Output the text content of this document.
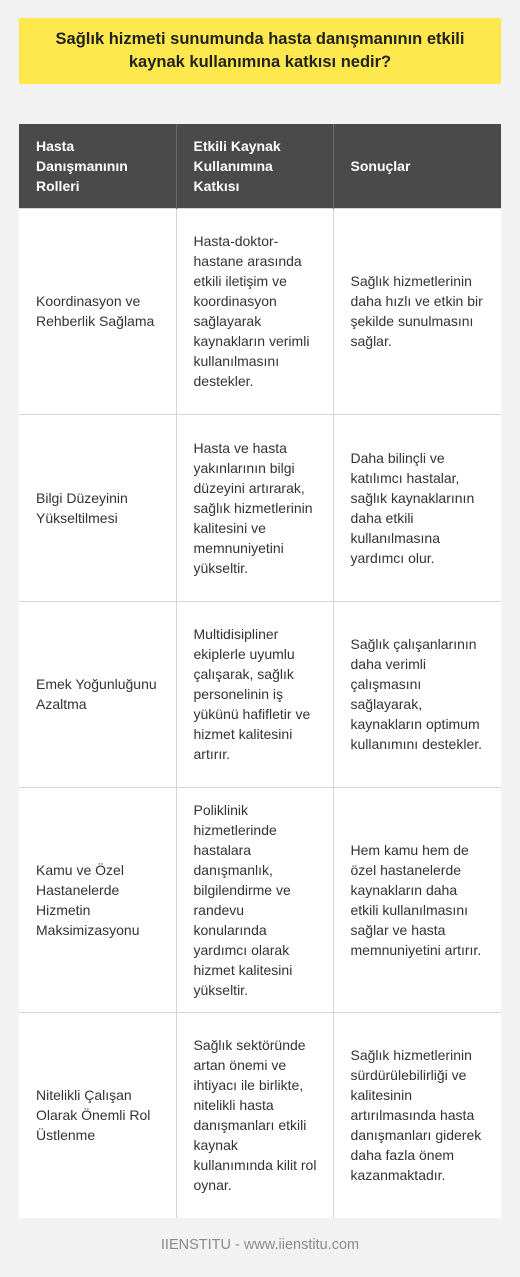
Sağlık hizmeti sunumunda hasta danışmanının etkili kaynak kullanımına katkısı nedir?
Hasta Danışmanının Rolleri	Etkili Kaynak Kullanımına Katkısı	Sonuçlar
Koordinasyon ve Rehberlik Sağlama	Hasta-doktor-hastane arasında etkili iletişim ve koordinasyon sağlayarak kaynakların verimli kullanılmasını destekler.	Sağlık hizmetlerinin daha hızlı ve etkin bir şekilde sunulmasını sağlar.
Bilgi Düzeyinin Yükseltilmesi	Hasta ve hasta yakınlarının bilgi düzeyini artırarak, sağlık hizmetlerinin kalitesini ve memnuniyetini yükseltir.	Daha bilinçli ve katılımcı hastalar, sağlık kaynaklarının daha etkili kullanılmasına yardımcı olur.
Emek Yoğunluğunu Azaltma	Multidisipliner ekiplerle uyumlu çalışarak, sağlık personelinin iş yükünü hafifletir ve hizmet kalitesini artırır.	Sağlık çalışanlarının daha verimli çalışmasını sağlayarak, kaynakların optimum kullanımını destekler.
Kamu ve Özel Hastanelerde Hizmetin Maksimizasyonu	Poliklinik hizmetlerinde hastalara danışmanlık, bilgilendirme ve randevu konularında yardımcı olarak hizmet kalitesini yükseltir.	Hem kamu hem de özel hastanelerde kaynakların daha etkili kullanılmasını sağlar ve hasta memnuniyetini artırır.
Nitelikli Çalışan Olarak Önemli Rol Üstlenme	Sağlık sektöründe artan önemi ve ihtiyacı ile birlikte, nitelikli hasta danışmanları etkili kaynak kullanımında kilit rol oynar.	Sağlık hizmetlerinin sürdürülebilirliği ve kalitesinin artırılmasında hasta danışmanları giderek daha fazla önem kazanmaktadır.
IIENSTITU - www.iienstitu.com
